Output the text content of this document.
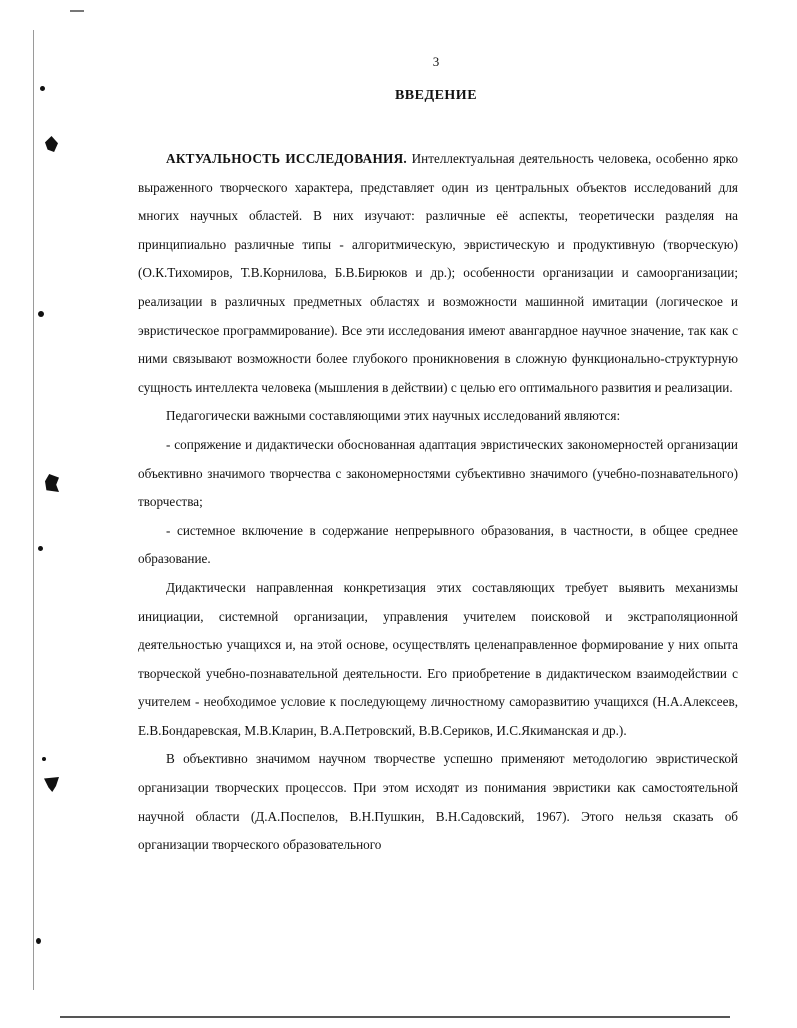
3
ВВЕДЕНИЕ

АКТУАЛЬНОСТЬ ИССЛЕДОВАНИЯ. Интеллектуальная деятельность человека, особенно ярко выраженного творческого характера, представляет один из центральных объектов исследований для многих научных областей. В них изучают: различные её аспекты, теоретически разделяя на принципиально различные типы - алгоритмическую, эвристическую и продуктивную (творческую) (О.К.Тихомиров, Т.В.Корнилова, Б.В.Бирюков и др.); особенности организации и самоорганизации; реализации в различных предметных областях и возможности машинной имитации (логическое и эвристическое программирование). Все эти исследования имеют авангардное научное значение, так как с ними связывают возможности более глубокого проникновения в сложную функционально-структурную сущность интеллекта человека (мышления в действии) с целью его оптимального развития и реализации.

Педагогически важными составляющими этих научных исследований являются:

- сопряжение и дидактически обоснованная адаптация эвристических закономерностей организации объективно значимого творчества с закономерностями субъективно значимого (учебно-познавательного) творчества;

- системное включение в содержание непрерывного образования, в частности, в общее среднее образование.

Дидактически направленная конкретизация этих составляющих требует выявить механизмы инициации, системной организации, управления учителем поисковой и экстраполяционной деятельностью учащихся и, на этой основе, осуществлять целенаправленное формирование у них опыта творческой учебно-познавательной деятельности. Его приобретение в дидактическом взаимодействии с учителем - необходимое условие к последующему личностному саморазвитию учащихся (Н.А.Алексеев, Е.В.Бондаревская, М.В.Кларин, В.А.Петровский, В.В.Сериков, И.С.Якиманская и др.).

В объективно значимом научном творчестве успешно применяют методологию эвристической организации творческих процессов. При этом исходят из понимания эвристики как самостоятельной научной области (Д.А.Поспелов, В.Н.Пушкин, В.Н.Садовский, 1967). Этого нельзя сказать об организации творческого образовательного
